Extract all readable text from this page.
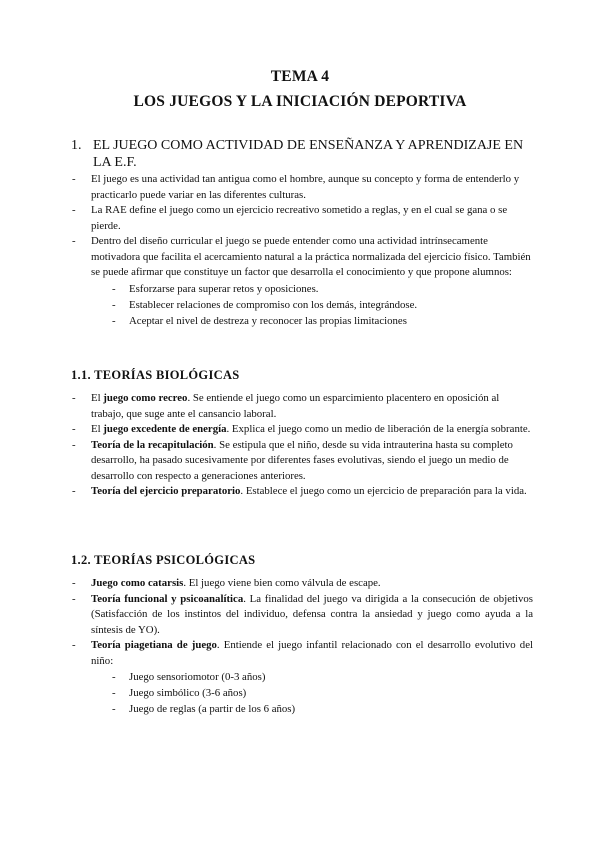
TEMA 4
LOS JUEGOS Y LA INICIACIÓN DEPORTIVA
1. EL JUEGO COMO ACTIVIDAD DE ENSEÑANZA Y APRENDIZAJE EN LA E.F.
- El juego es una actividad tan antigua como el hombre, aunque su concepto y forma de entenderlo y practicarlo puede variar en las diferentes culturas.
- La RAE define el juego como un ejercicio recreativo sometido a reglas, y en el cual se gana o se pierde.
- Dentro del diseño curricular el juego se puede entender como una actividad intrínsecamente motivadora que facilita el acercamiento natural a la práctica normalizada del ejercicio físico. También se puede afirmar que constituye un factor que desarrolla el conocimiento y que propone alumnos:
- Esforzarse para superar retos y oposiciones.
- Establecer relaciones de compromiso con los demás, integrándose.
- Aceptar el nivel de destreza y reconocer las propias limitaciones
1.1. TEORÍAS BIOLÓGICAS
- El juego como recreo. Se entiende el juego como un esparcimiento placentero en oposición al trabajo, que suge ante el cansancio laboral.
- El juego excedente de energía. Explica el juego como un medio de liberación de la energía sobrante.
- Teoría de la recapitulación. Se estipula que el niño, desde su vida intrauterina hasta su completo desarrollo, ha pasado sucesivamente por diferentes fases evolutivas, siendo el juego un medio de desarrollo con respecto a generaciones anteriores.
- Teoría del ejercicio preparatorio. Establece el juego como un ejercicio de preparación para la vida.
1.2. TEORÍAS PSICOLÓGICAS
- Juego como catarsis. El juego viene bien como válvula de escape.
- Teoría funcional y psicoanalítica. La finalidad del juego va dirigida a la consecución de objetivos (Satisfacción de los instintos del individuo, defensa contra la ansiedad y juego como ayuda a la síntesis de YO).
- Teoría piagetiana de juego. Entiende el juego infantil relacionado con el desarrollo evolutivo del niño:
- Juego sensoriomotor (0-3 años)
- Juego simbólico (3-6 años)
- Juego de reglas (a partir de los 6 años)
